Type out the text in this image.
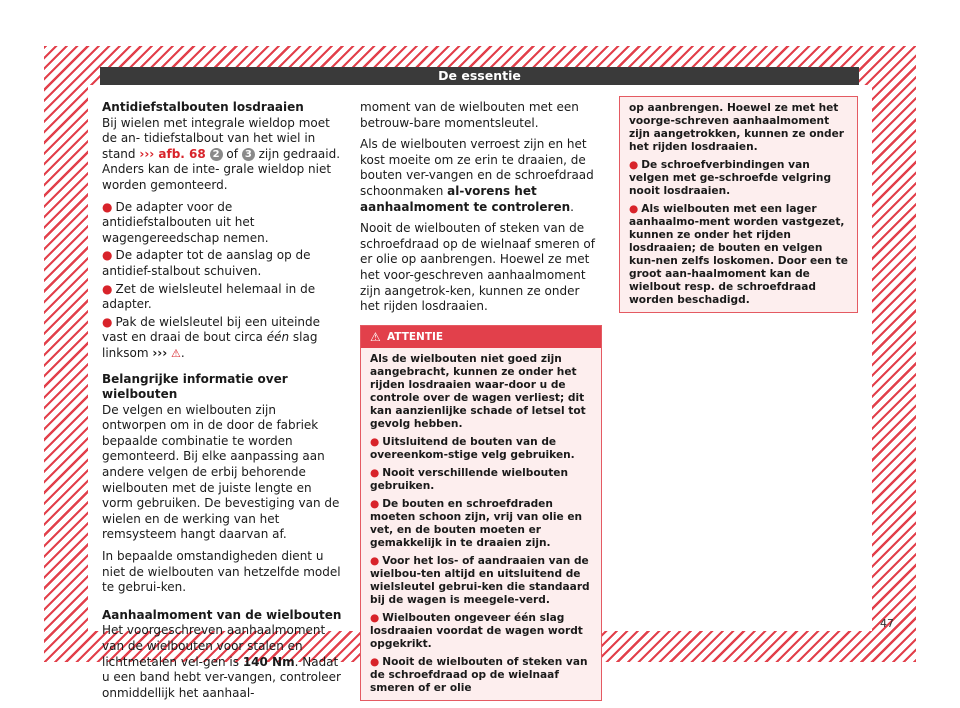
De essentie
Antidiefstalbouten losdraaien

Bij wielen met integrale wieldop moet de an- tidiefstalbout van het wiel in stand ››› afb. 68 2 of 3 zijn gedraaid. Anders kan de inte- grale wieldop niet worden gemonteerd.

● De adapter voor de antidiefstalbouten uit het wagengereedschap nemen.
● De adapter tot de aanslag op de antidief-stalbout schuiven.
● Zet de wielsleutel helemaal in de adapter.
● Pak de wielsleutel bij een uiteinde vast en draai de bout circa één slag linksom ››› ⚠.
Belangrijke informatie over wielbouten

De velgen en wielbouten zijn ontworpen om in de door de fabriek bepaalde combinatie te worden gemonteerd. Bij elke aanpassing aan andere velgen de erbij behorende wielbouten met de juiste lengte en vorm gebruiken. De bevestiging van de wielen en de werking van het remsysteem hangt daarvan af.

In bepaalde omstandigheden dient u niet de wielbouten van hetzelfde model te gebrui-ken.

Aanhaalmoment van de wielbouten

Het voorgeschreven aanhaalmoment van de wielbouten voor stalen en lichtmetalen vel-gen is 140 Nm. Nadat u een band hebt ver-vangen, controleer onmiddellijk het aanhaal-

moment van de wielbouten met een betrouw-bare momentsleutel.

Als de wielbouten verroest zijn en het kost moeite om ze erin te draaien, de bouten ver-vangen en de schroefdraad schoonmaken al-vorens het aanhaalmoment te controleren.

Nooit de wielbouten of steken van de schroefdraad op de wielnaaf smeren of er olie op aanbrengen. Hoewel ze met het voor-geschreven aanhaalmoment zijn aangetrok-ken, kunnen ze onder het rijden losdraaien.

⚠ ATTENTIE

Als de wielbouten niet goed zijn aangebracht, kunnen ze onder het rijden losdraaien waar-door u de controle over de wagen verliest; dit kan aanzienlijke schade of letsel tot gevolg hebben.

● Uitsluitend de bouten van de overeenkom-stige velg gebruiken.
● Nooit verschillende wielbouten gebruiken.
● De bouten en schroefdraden moeten schoon zijn, vrij van olie en vet, en de bouten moeten er gemakkelijk in te draaien zijn.
● Voor het los- of aandraaien van de wielbou-ten altijd en uitsluitend de wielsleutel gebrui-ken die standaard bij de wagen is meegele-verd.
● Wielbouten ongeveer één slag losdraaien voordat de wagen wordt opgekrikt.
● Nooit de wielbouten of steken van de schroefdraad op de wielnaaf smeren of er olie

op aanbrengen. Hoewel ze met het voorge-schreven aanhaalmoment zijn aangetrokken, kunnen ze onder het rijden losdraaien.

● De schroefverbindingen van velgen met ge-schroefde velgring nooit losdraaien.
● Als wielbouten met een lager aanhaalmo-ment worden vastgezet, kunnen ze onder het rijden losdraaien; de bouten en velgen kun-nen zelfs loskomen. Door een te groot aan-haalmoment kan de wielbout resp. de schroefdraad worden beschadigd.
47
